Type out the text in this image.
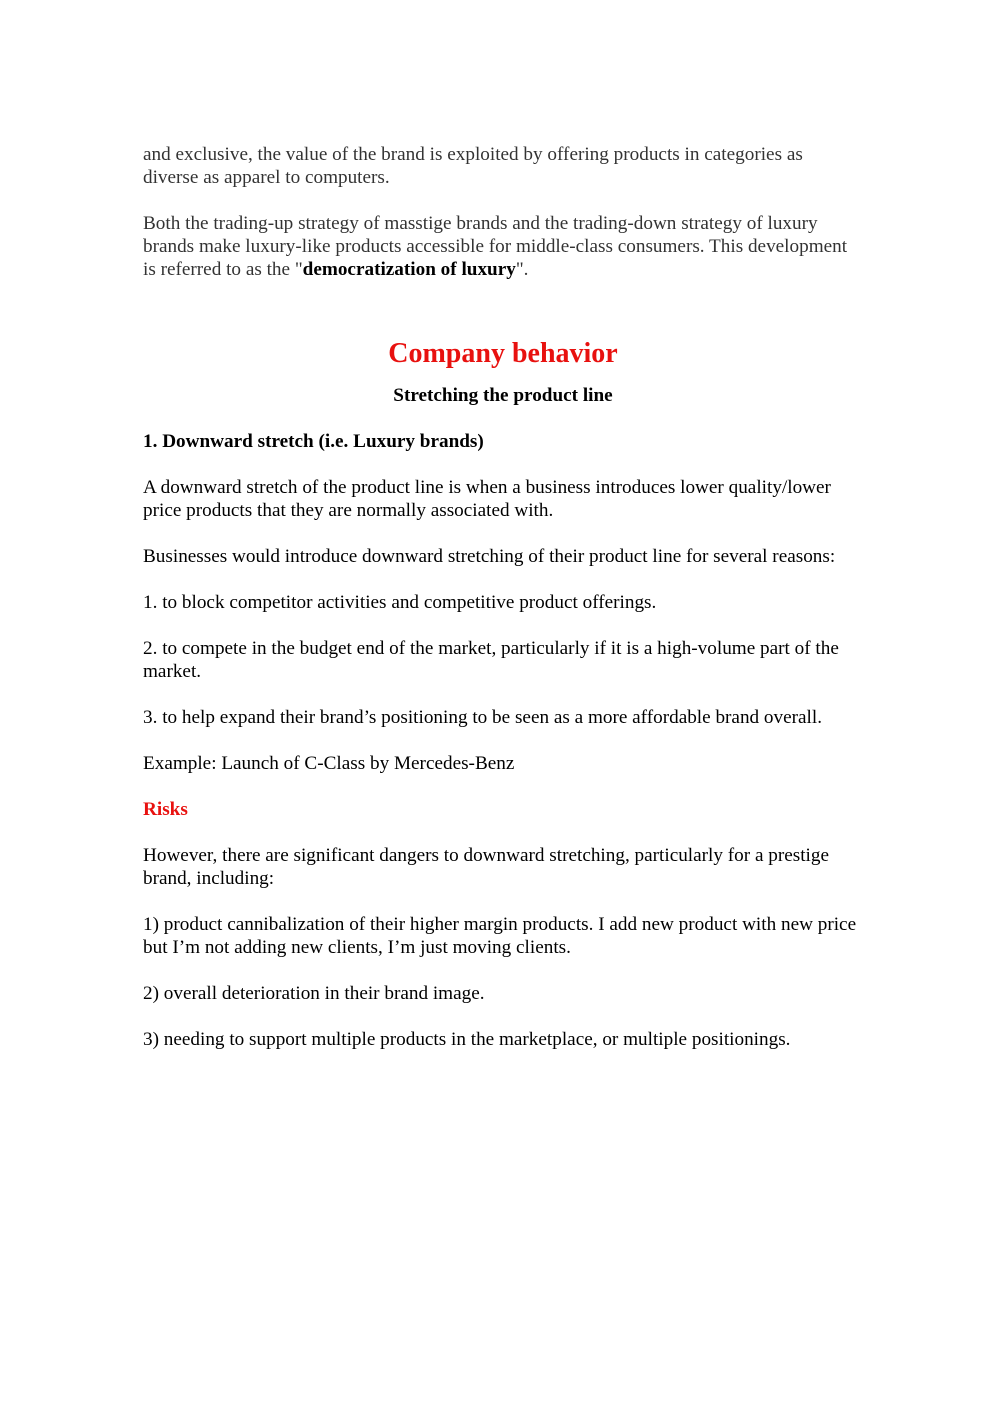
and exclusive, the value of the brand is exploited by offering products in categories as diverse as apparel to computers.

Both the trading-up strategy of masstige brands and the trading-down strategy of luxury brands make luxury-like products accessible for middle-class consumers. This development is referred to as the "democratization of luxury".

Company behavior

Stretching the product line

1. Downward stretch (i.e. Luxury brands)

A downward stretch of the product line is when a business introduces lower quality/lower price products that they are normally associated with.

Businesses would introduce downward stretching of their product line for several reasons:

1. to block competitor activities and competitive product offerings.

2. to compete in the budget end of the market, particularly if it is a high-volume part of the market.

3. to help expand their brand’s positioning to be seen as a more affordable brand overall.

Example: Launch of C-Class by Mercedes-Benz

Risks

However, there are significant dangers to downward stretching, particularly for a prestige brand, including:

1) product cannibalization of their higher margin products. I add new product with new price but I’m not adding new clients, I’m just moving clients.

2) overall deterioration in their brand image.

3) needing to support multiple products in the marketplace, or multiple positionings.
